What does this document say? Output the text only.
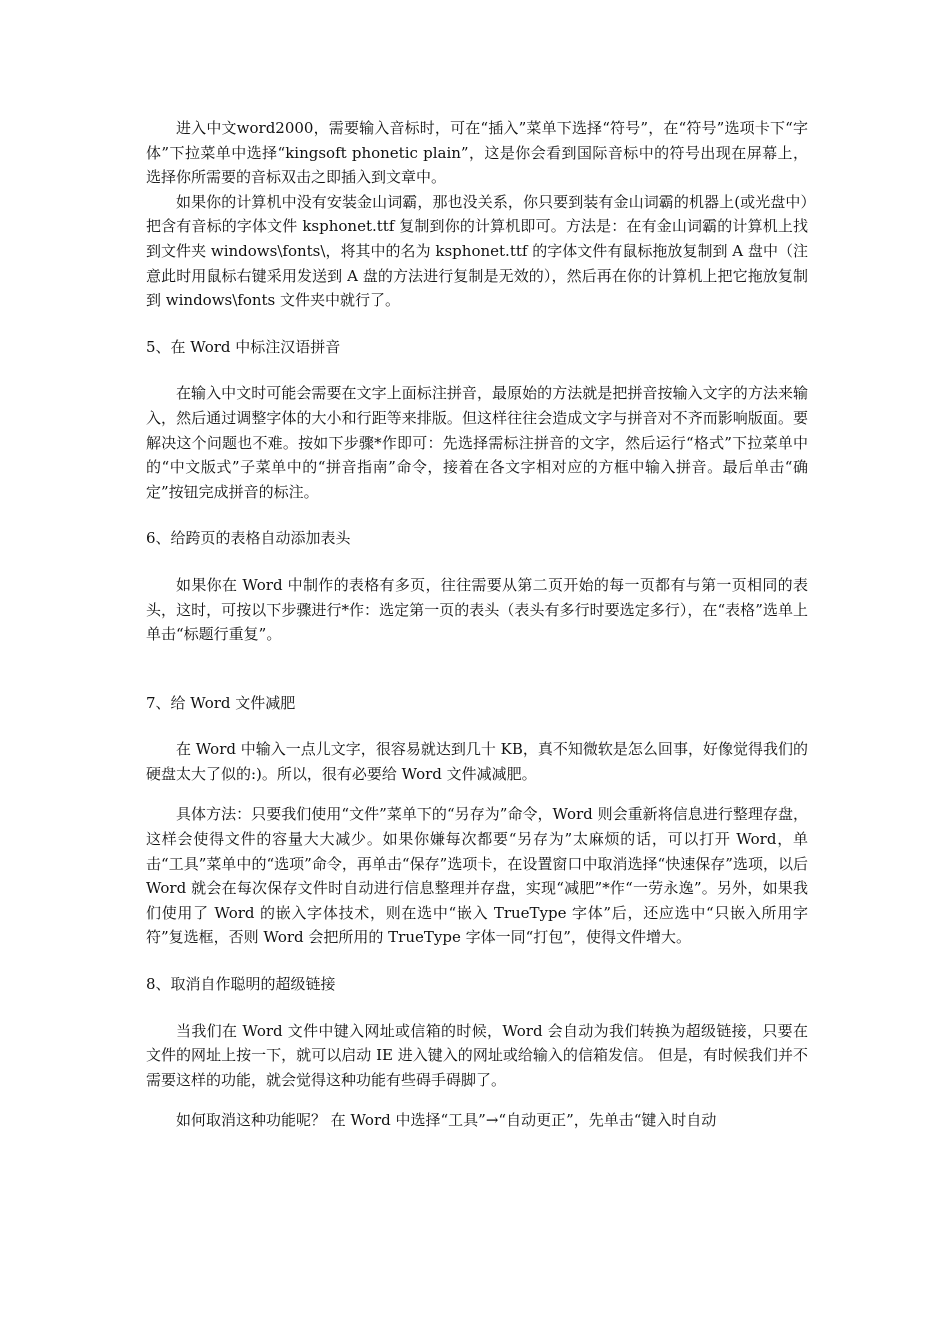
进入中文word2000，需要输入音标时，可在“插入”菜单下选择“符号”，在“符号”选项卡下“字体”下拉菜单中选择“kingsoft phonetic plain”，这是你会看到国际音标中的符号出现在屏幕上，选择你所需要的音标双击之即插入到文章中。

如果你的计算机中没有安装金山词霸，那也没关系，你只要到装有金山词霸的机器上(或光盘中）把含有音标的字体文件 ksphonet.ttf 复制到你的计算机即可。方法是：在有金山词霸的计算机上找到文件夹 windows\fonts\，将其中的名为 ksphonet.ttf 的字体文件有鼠标拖放复制到 A 盘中（注意此时用鼠标右键采用发送到 A 盘的方法进行复制是无效的），然后再在你的计算机上把它拖放复制到 windows\fonts 文件夹中就行了。

5、在 Word 中标注汉语拼音

在输入中文时可能会需要在文字上面标注拼音，最原始的方法就是把拼音按输入文字的方法来输入，然后通过调整字体的大小和行距等来排版。但这样往往会造成文字与拼音对不齐而影响版面。要解决这个问题也不难。按如下步骤*作即可：先选择需标注拼音的文字，然后运行“格式”下拉菜单中的“中文版式”子菜单中的“拼音指南”命令，接着在各文字相对应的方框中输入拼音。最后单击“确定”按钮完成拼音的标注。

6、给跨页的表格自动添加表头

如果你在 Word 中制作的表格有多页，往往需要从第二页开始的每一页都有与第一页相同的表头，这时，可按以下步骤进行*作：选定第一页的表头（表头有多行时要选定多行），在“表格”选单上单击“标题行重复”。

7、给 Word 文件减肥

在 Word 中输入一点儿文字，很容易就达到几十 KB，真不知微软是怎么回事，好像觉得我们的硬盘太大了似的:)。所以，很有必要给 Word 文件减减肥。

具体方法：只要我们使用“文件”菜单下的“另存为”命令，Word 则会重新将信息进行整理存盘，这样会使得文件的容量大大减少。如果你嫌每次都要“另存为”太麻烦的话，可以打开 Word，单击“工具”菜单中的“选项”命令，再单击“保存”选项卡，在设置窗口中取消选择“快速保存”选项，以后 Word 就会在每次保存文件时自动进行信息整理并存盘，实现“减肥”*作“一劳永逸”。另外，如果我们使用了 Word 的嵌入字体技术，则在选中“嵌入 TrueType 字体”后，还应选中“只嵌入所用字符”复选框，否则 Word 会把所用的 TrueType 字体一同“打包”，使得文件增大。

8、取消自作聪明的超级链接

当我们在 Word 文件中键入网址或信箱的时候，Word 会自动为我们转换为超级链接，只要在文件的网址上按一下，就可以启动 IE 进入键入的网址或给输入的信箱发信。 但是，有时候我们并不需要这样的功能，就会觉得这种功能有些碍手碍脚了。

如何取消这种功能呢？ 在 Word 中选择“工具”→“自动更正”，先单击“键入时自动
